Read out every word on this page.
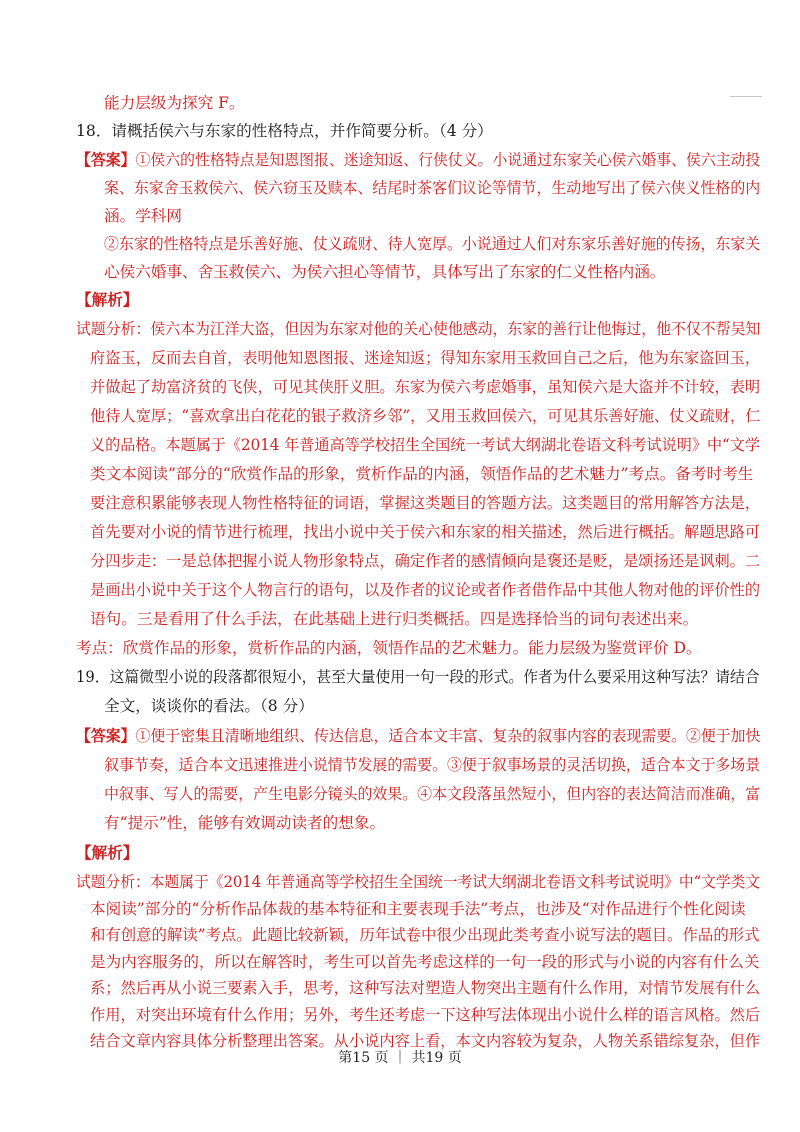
能力层级为探究 F。
18．请概括侯六与东家的性格特点，并作简要分析。（4 分）
【答案】①侯六的性格特点是知恩图报、迷途知返、行侠仗义。小说通过东家关心侯六婚事、侯六主动投
案、东家舍玉救侯六、侯六窃玉及赎本、结尾时茶客们议论等情节，生动地写出了侯六侠义性格的内
涵。学科网
②东家的性格特点是乐善好施、仗义疏财、待人宽厚。小说通过人们对东家乐善好施的传扬，东家关
心侯六婚事、舍玉救侯六、为侯六担心等情节，具体写出了东家的仁义性格内涵。
【解析】
试题分析：侯六本为江洋大盗，但因为东家对他的关心使他感动，东家的善行让他悔过，他不仅不帮吴知
府盗玉，反而去自首，表明他知恩图报、迷途知返；得知东家用玉救回自己之后，他为东家盗回玉，
并做起了劫富济贫的飞侠，可见其侠肝义胆。东家为侯六考虑婚事，虽知侯六是大盗并不计较，表明
他待人宽厚；“喜欢拿出白花花的银子救济乡邻”，又用玉救回侯六，可见其乐善好施、仗义疏财，仁
义的品格。本题属于《2014 年普通高等学校招生全国统一考试大纲湖北卷语文科考试说明》中“文学
类文本阅读”部分的“欣赏作品的形象，赏析作品的内涵，领悟作品的艺术魅力”考点。备考时考生
要注意积累能够表现人物性格特征的词语，掌握这类题目的答题方法。这类题目的常用解答方法是，
首先要对小说的情节进行梳理，找出小说中关于侯六和东家的相关描述，然后进行概括。解题思路可
分四步走：一是总体把握小说人物形象特点，确定作者的感情倾向是褒还是贬，是颂扬还是讽刺。二
是画出小说中关于这个人物言行的语句，以及作者的议论或者作者借作品中其他人物对他的评价性的
语句。三是看用了什么手法，在此基础上进行归类概括。四是选择恰当的词句表述出来。
考点：欣赏作品的形象，赏析作品的内涵，领悟作品的艺术魅力。能力层级为鉴赏评价 D。
19．这篇微型小说的段落都很短小，甚至大量使用一句一段的形式。作者为什么要采用这种写法？请结合
全文，谈谈你的看法。（8 分）
【答案】①便于密集且清晰地组织、传达信息，适合本文丰富、复杂的叙事内容的表现需要。②便于加快
叙事节奏，适合本文迅速推进小说情节发展的需要。③便于叙事场景的灵活切换，适合本文于多场景
中叙事、写人的需要，产生电影分镜头的效果。④本文段落虽然短小，但内容的表达简洁而准确，富
有“提示”性，能够有效调动读者的想象。
【解析】
试题分析：本题属于《2014 年普通高等学校招生全国统一考试大纲湖北卷语文科考试说明》中“文学类文
本阅读”部分的“分析作品体裁的基本特征和主要表现手法”考点，也涉及“对作品进行个性化阅读
和有创意的解读”考点。此题比较新颖，历年试卷中很少出现此类考查小说写法的题目。作品的形式
是为内容服务的，所以在解答时，考生可以首先考虑这样的一句一段的形式与小说的内容有什么关
系；然后再从小说三要素入手，思考，这种写法对塑造人物突出主题有什么作用，对情节发展有什么
作用，对突出环境有什么作用；另外，考生还考虑一下这种写法体现出小说什么样的语言风格。然后
第15 页 ｜ 共19 页
结合文章内容具体分析整理出答案。从小说内容上看，本文内容较为复杂，人物关系错综复杂，但作
